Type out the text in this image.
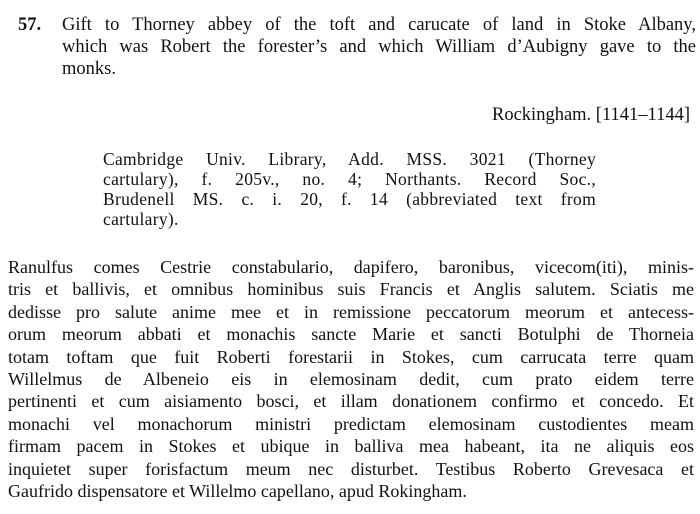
57. Gift to Thorney abbey of the toft and carucate of land in Stoke Albany,
which was Robert the forester’s and which William d’Aubigny gave to the
monks.
Rockingham. [1141–1144]
Cambridge Univ. Library, Add. MSS. 3021 (Thorney
cartulary), f. 205v., no. 4; Northants. Record Soc.,
Brudenell MS. c. i. 20, f. 14 (abbreviated text from
cartulary).
Ranulfus comes Cestrie constabulario, dapifero, baronibus, vicecom(iti), minis-
tris et ballivis, et omnibus hominibus suis Francis et Anglis salutem. Sciatis me
dedisse pro salute anime mee et in remissione peccatorum meorum et antecess-
orum meorum abbati et monachis sancte Marie et sancti Botulphi de Thorneia
totam toftam que fuit Roberti forestarii in Stokes, cum carrucata terre quam
Willelmus de Albeneio eis in elemosinam dedit, cum prato eidem terre
pertinenti et cum aisiamento bosci, et illam donationem confirmo et concedo. Et
monachi vel monachorum ministri predictam elemosinam custodientes meam
firmam pacem in Stokes et ubique in balliva mea habeant, ita ne aliquis eos
inquietet super forisfactum meum nec disturbet. Testibus Roberto Grevesaca et
Gaufrido dispensatore et Willelmo capellano, apud Rokingham.
